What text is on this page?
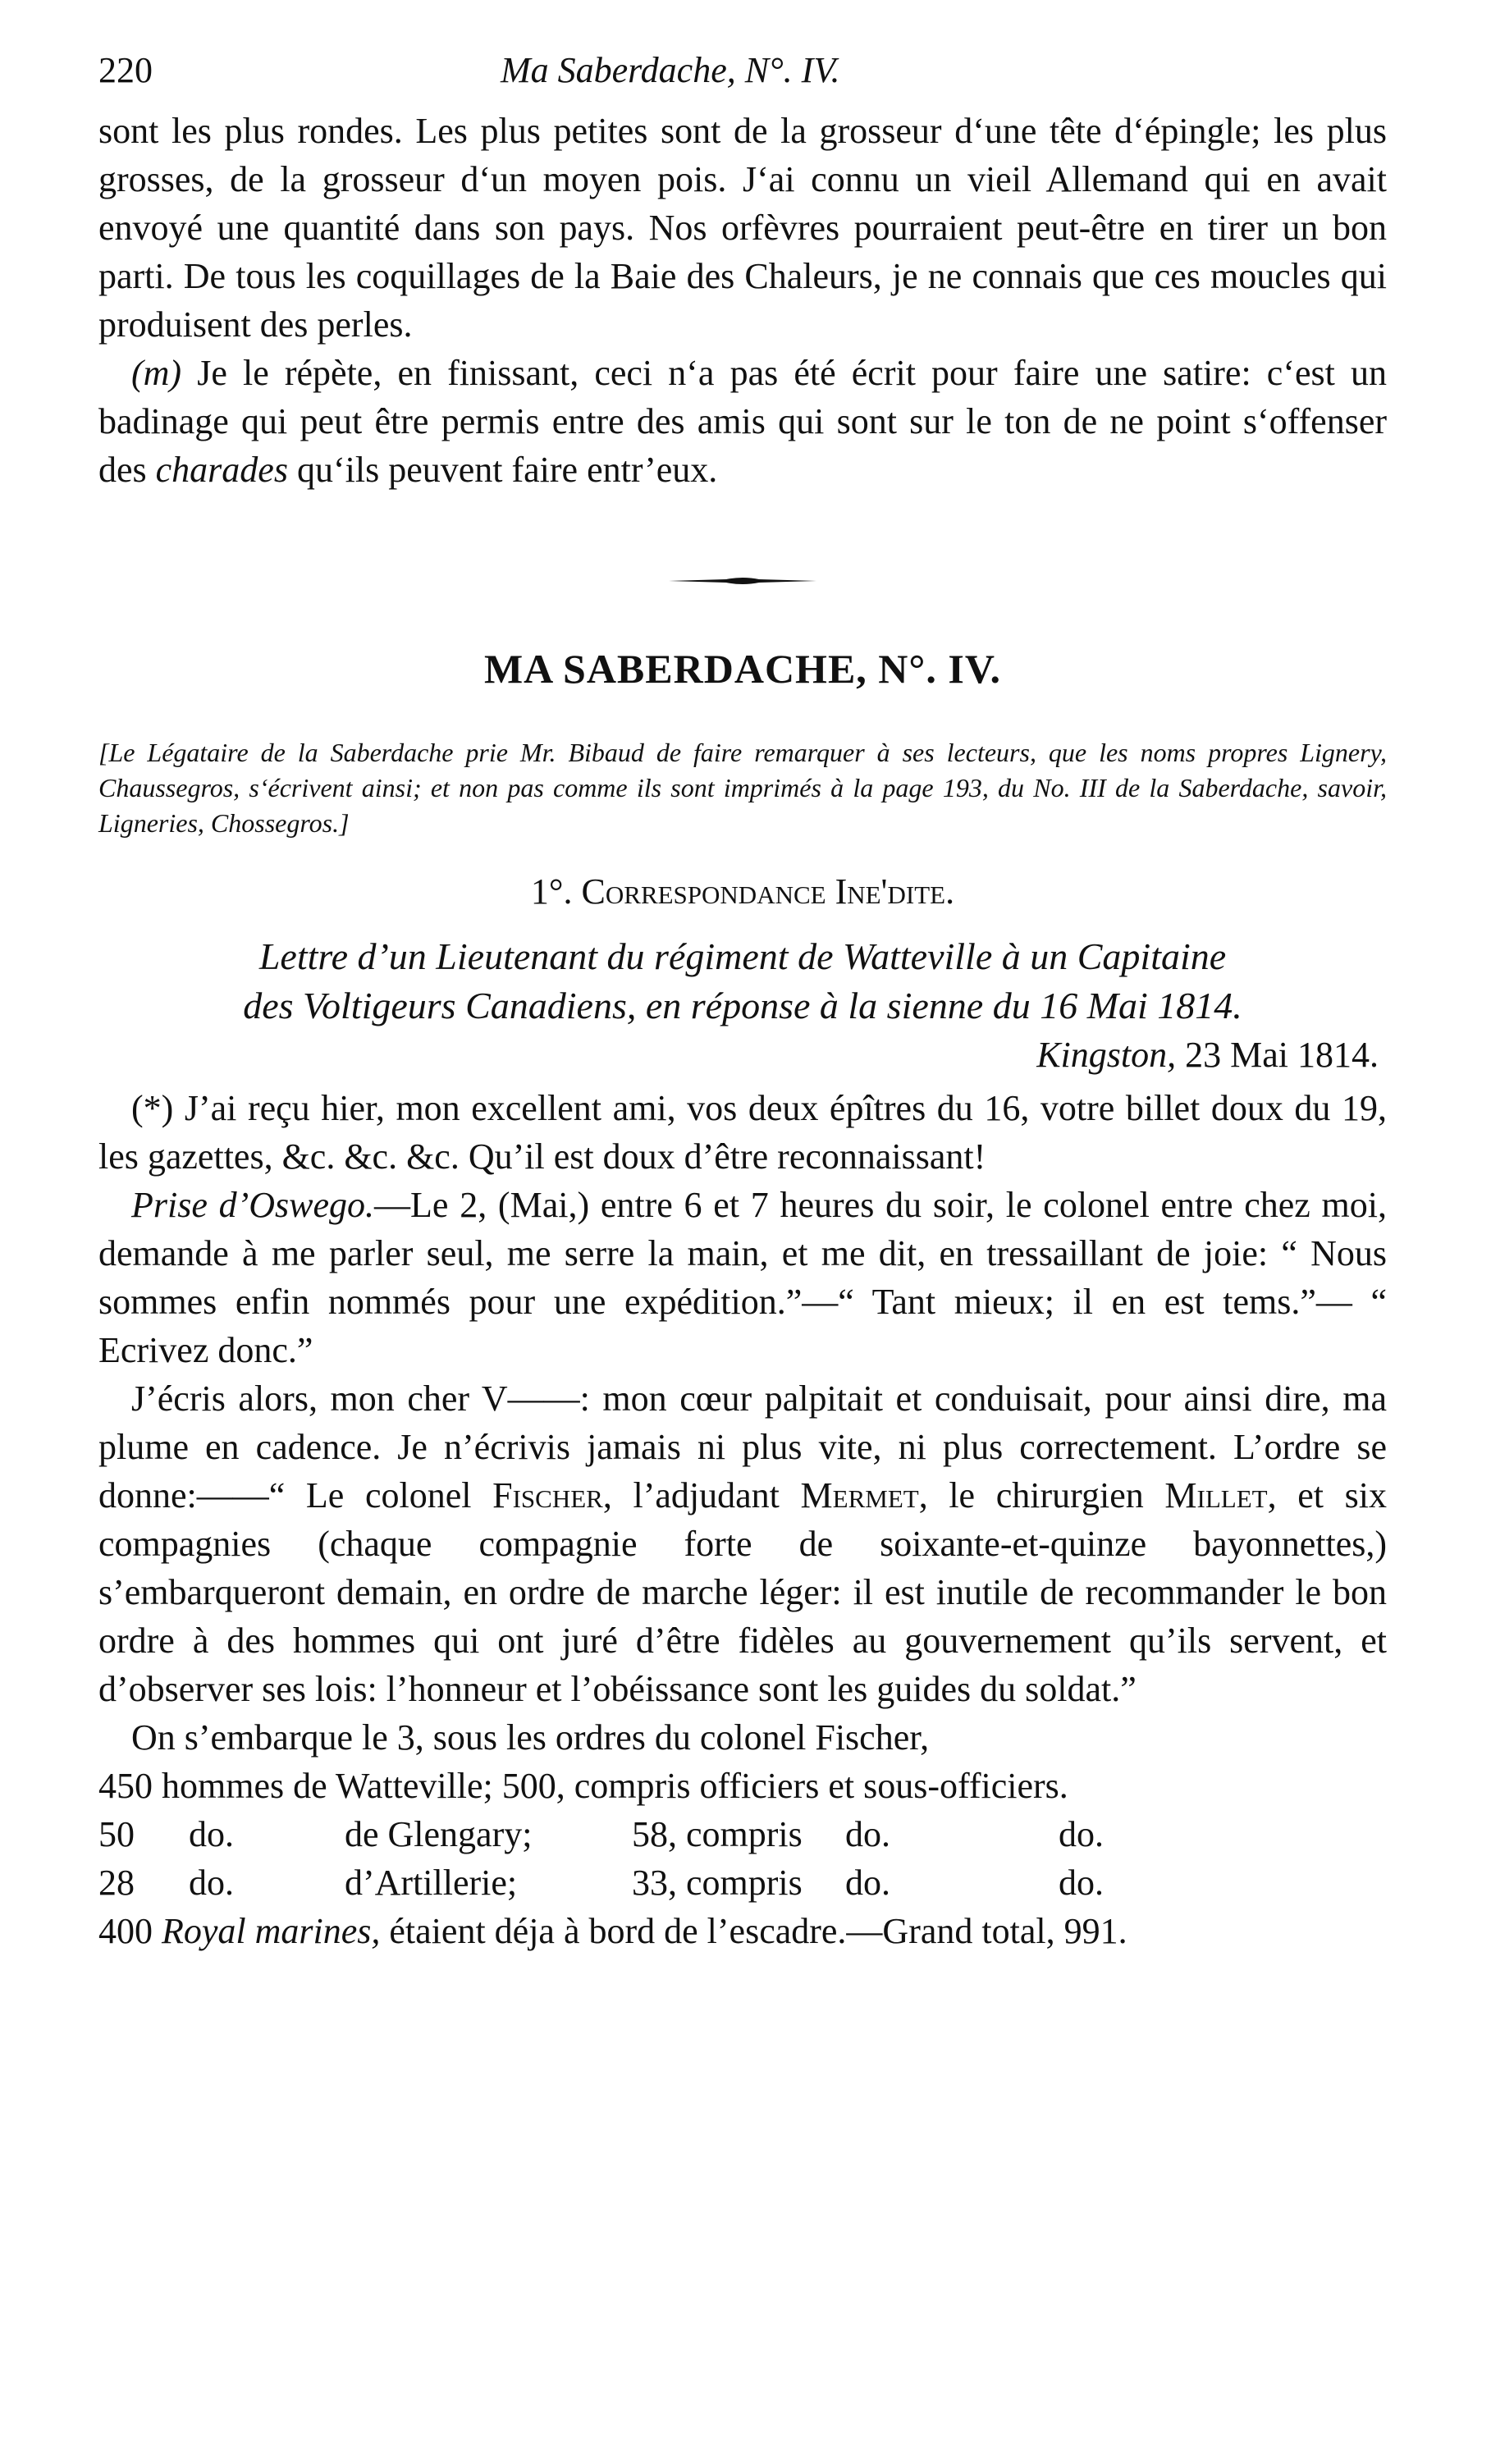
220	Ma Saberdache, N°. IV.

sont les plus rondes. Les plus petites sont de la grosseur d‘une tête d‘épingle; les plus grosses, de la grosseur d‘un moyen pois. J‘ai connu un vieil Allemand qui en avait envoyé une quantité dans son pays. Nos orfèvres pourraient peut-être en tirer un bon parti. De tous les coquillages de la Baie des Chaleurs, je ne connais que ces moucles qui produisent des perles.

(m) Je le répète, en finissant, ceci n‘a pas été écrit pour faire une satire: c‘est un badinage qui peut être permis entre des amis qui sont sur le ton de ne point s‘offenser des charades qu‘ils peuvent faire entr’eux.

MA SABERDACHE, N°. IV.

[Le Légataire de la Saberdache prie Mr. Bibaud de faire remarquer à ses lecteurs, que les noms propres Lignery, Chaussegros, s‘écrivent ainsi; et non pas comme ils sont imprimés à la page 193, du No. III de la Saberdache, savoir, Ligneries, Chossegros.]

1°. Correspondance Ine'dite.
Lettre d’un Lieutenant du régiment de Watteville à un Capitaine
des Voltigeurs Canadiens, en réponse à la sienne du 16 Mai 1814.
Kingston, 23 Mai 1814.

(*) J’ai reçu hier, mon excellent ami, vos deux épîtres du 16, votre billet doux du 19, les gazettes, &c. &c. &c. Qu’il est doux d’être reconnaissant!

Prise d’Oswego.—Le 2, (Mai,) entre 6 et 7 heures du soir, le colonel entre chez moi, demande à me parler seul, me serre la main, et me dit, en tressaillant de joie: “ Nous sommes enfin nommés pour une expédition.”—“ Tant mieux; il en est tems.”— “ Ecrivez donc.”

J’écris alors, mon cher V——: mon cœur palpitait et conduisait, pour ainsi dire, ma plume en cadence. Je n’écrivis jamais ni plus vite, ni plus correctement. L’ordre se donne:——“ Le colonel Fischer, l’adjudant Mermet, le chirurgien Millet, et six compagnies (chaque compagnie forte de soixante-et-quinze bayonnettes,) s’embarqueront demain, en ordre de marche léger: il est inutile de recommander le bon ordre à des hommes qui ont juré d’être fidèles au gouvernement qu’ils servent, et d’observer ses lois: l’honneur et l’obéissance sont les guides du soldat.”

On s’embarque le 3, sous les ordres du colonel Fischer,

450 hommes de Watteville; 500, compris officiers et sous-officiers.
50	do.	de Glengary;	58, compris	do.	do.
28	do.	d’Artillerie;	33, compris	do.	do.

400 Royal marines, étaient déja à bord de l’escadre.—Grand total, 991.
